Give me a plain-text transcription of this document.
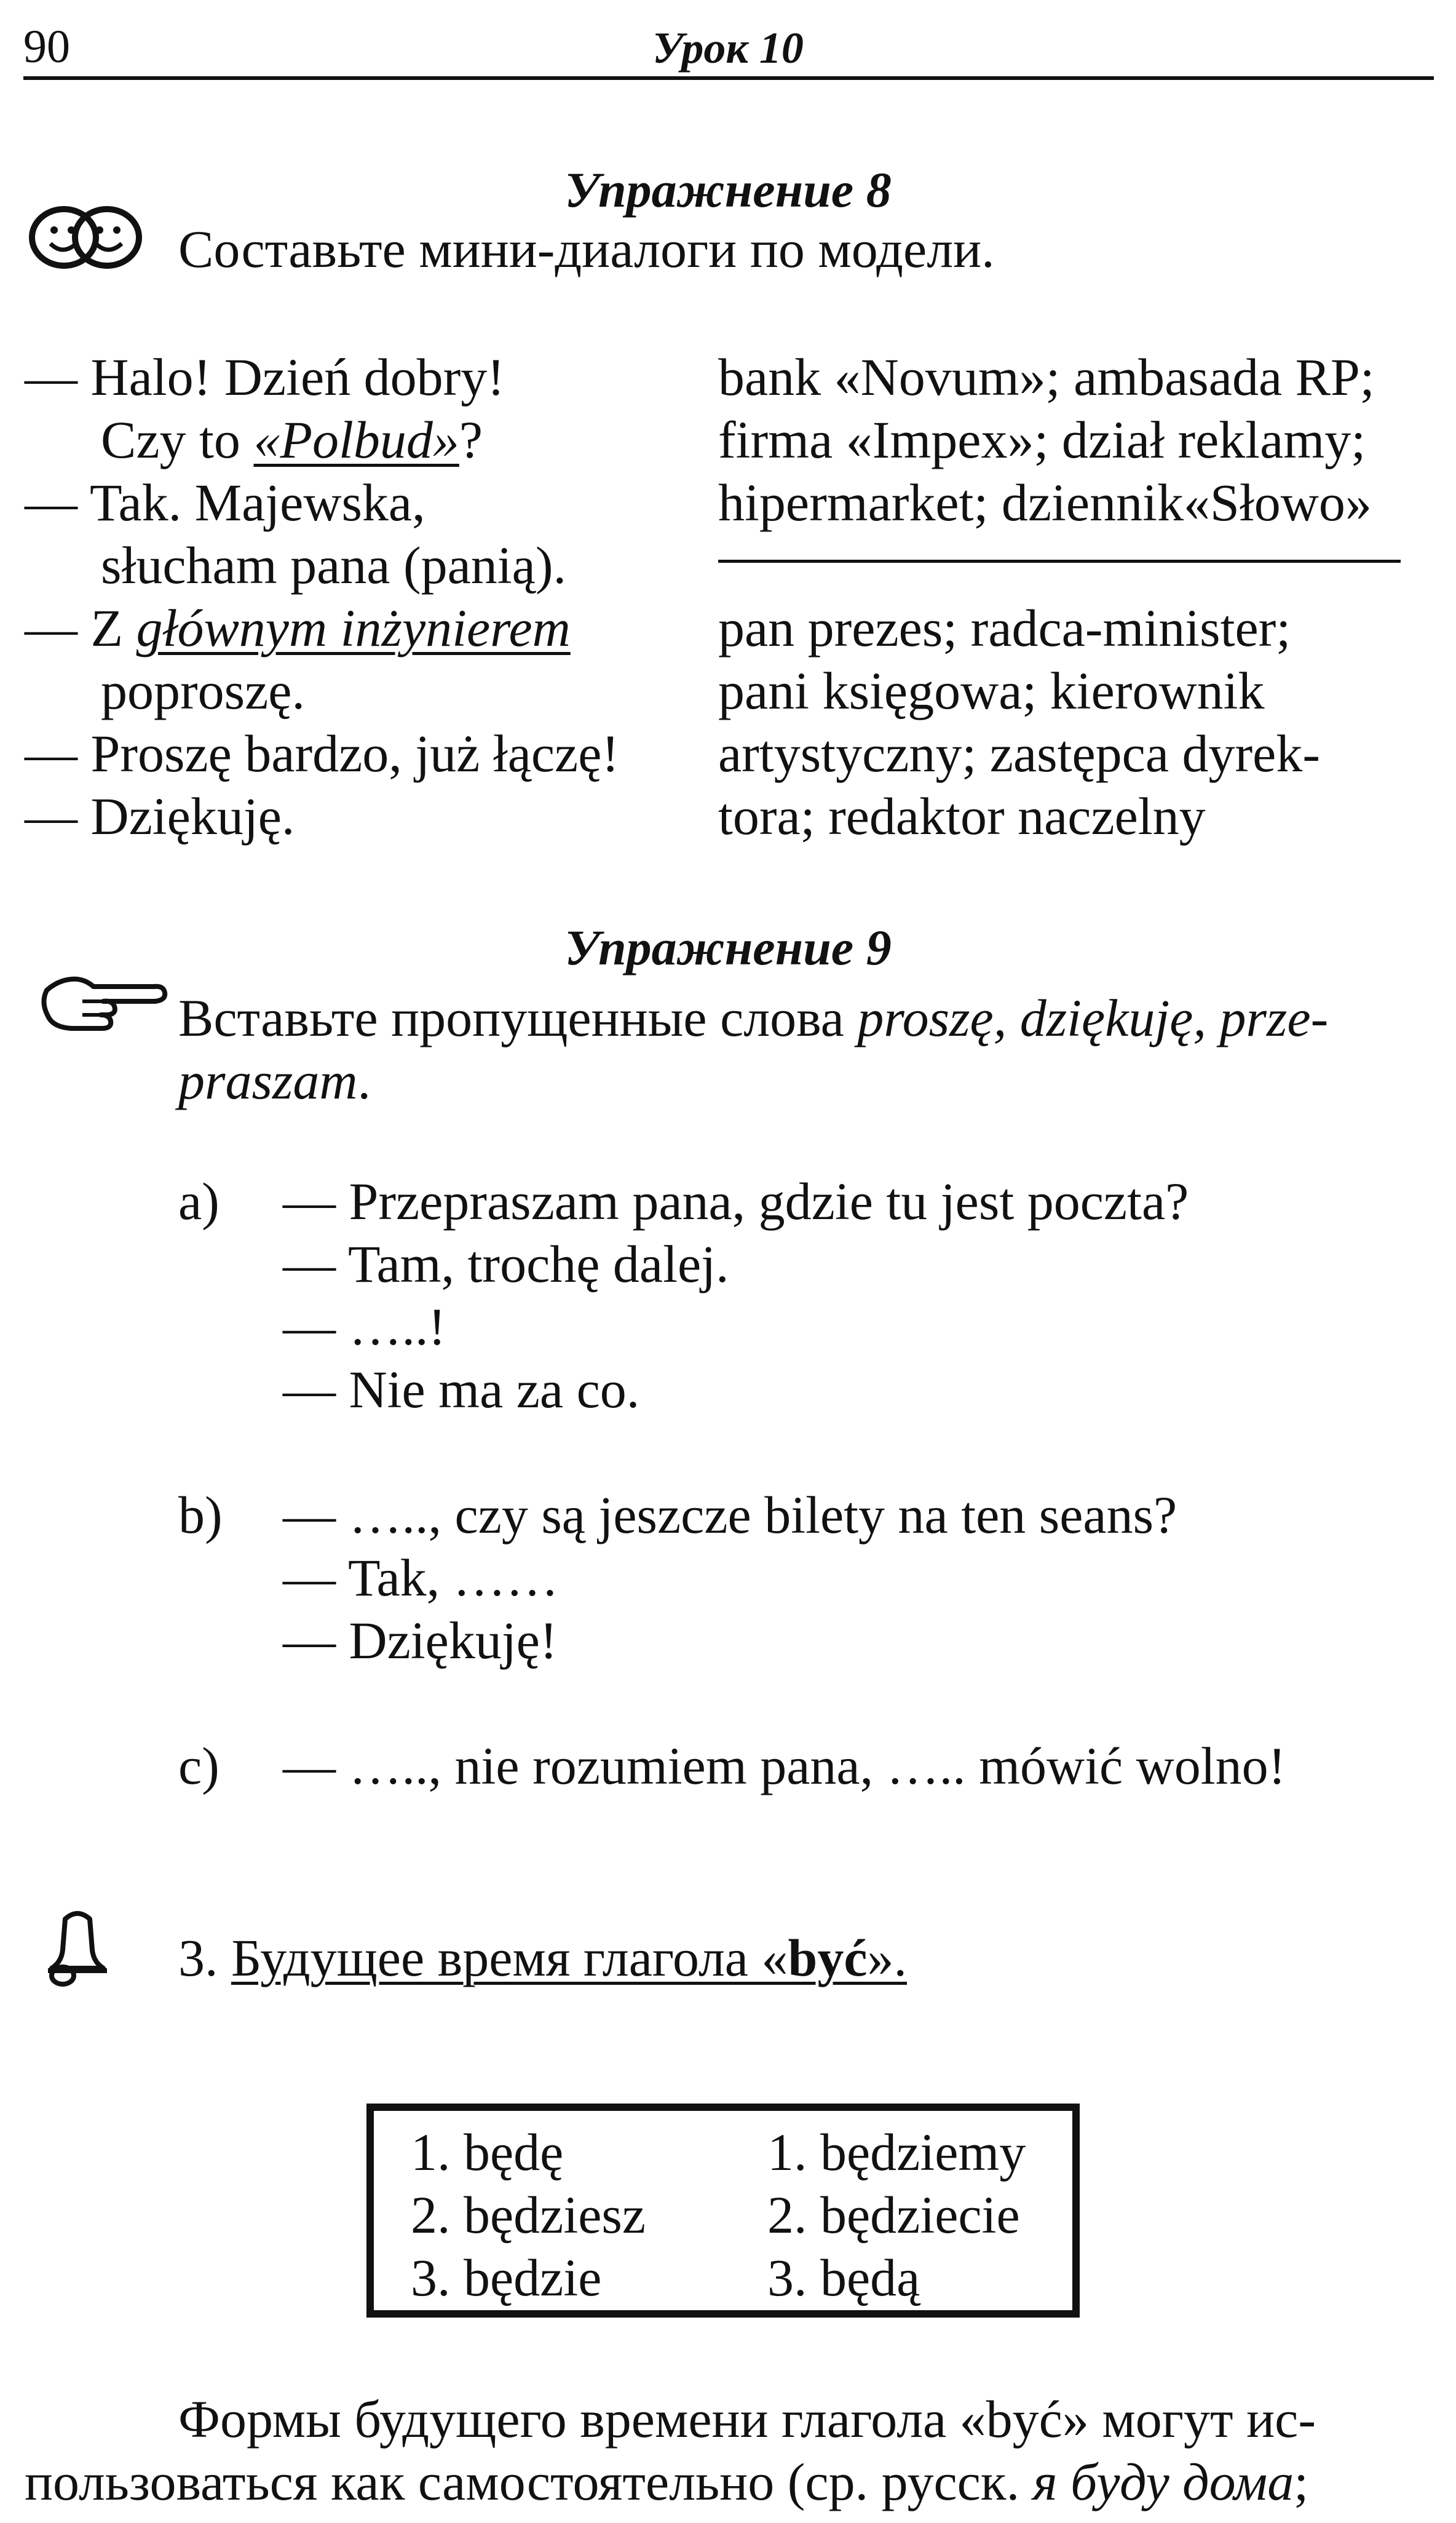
90	Урок 10
Упражнение 8
Составьте мини-диалоги по модели.
— Halo! Dzień dobry!
Czy to «Polbud»?
— Tak. Majewska,
słucham pana (panią).
— Z głównym inżynierem
poproszę.
— Proszę bardzo, już łączę!
— Dziękuję.
bank «Novum»; ambasada RP;
firma «Impex»; dział reklamy;
hipermarket; dziennik«Słowo»
pan prezes; radca-minister;
pani księgowa; kierownik
artystyczny; zastępca dyrek-
tora; redaktor naczelny
Упражнение 9
Вставьте пропущенные слова proszę, dziękuję, prze-
praszam.
a) — Przepraszam pana, gdzie tu jest poczta?
— Tam, trochę dalej.
— …..!
— Nie ma za co.
b) — ….., czy są jeszcze bilety na ten seans?
— Tak, ……
— Dziękuję!
c) — ….., nie rozumiem pana, ….. mówić wolno!
3. Будущее время глагола «być».
1. będę
2. będziesz
3. będzie
1. będziemy
2. będziecie
3. będą
Формы будущего времени глагола «być» могут ис-
пользоваться как самостоятельно (ср. русск. я буду дома;
